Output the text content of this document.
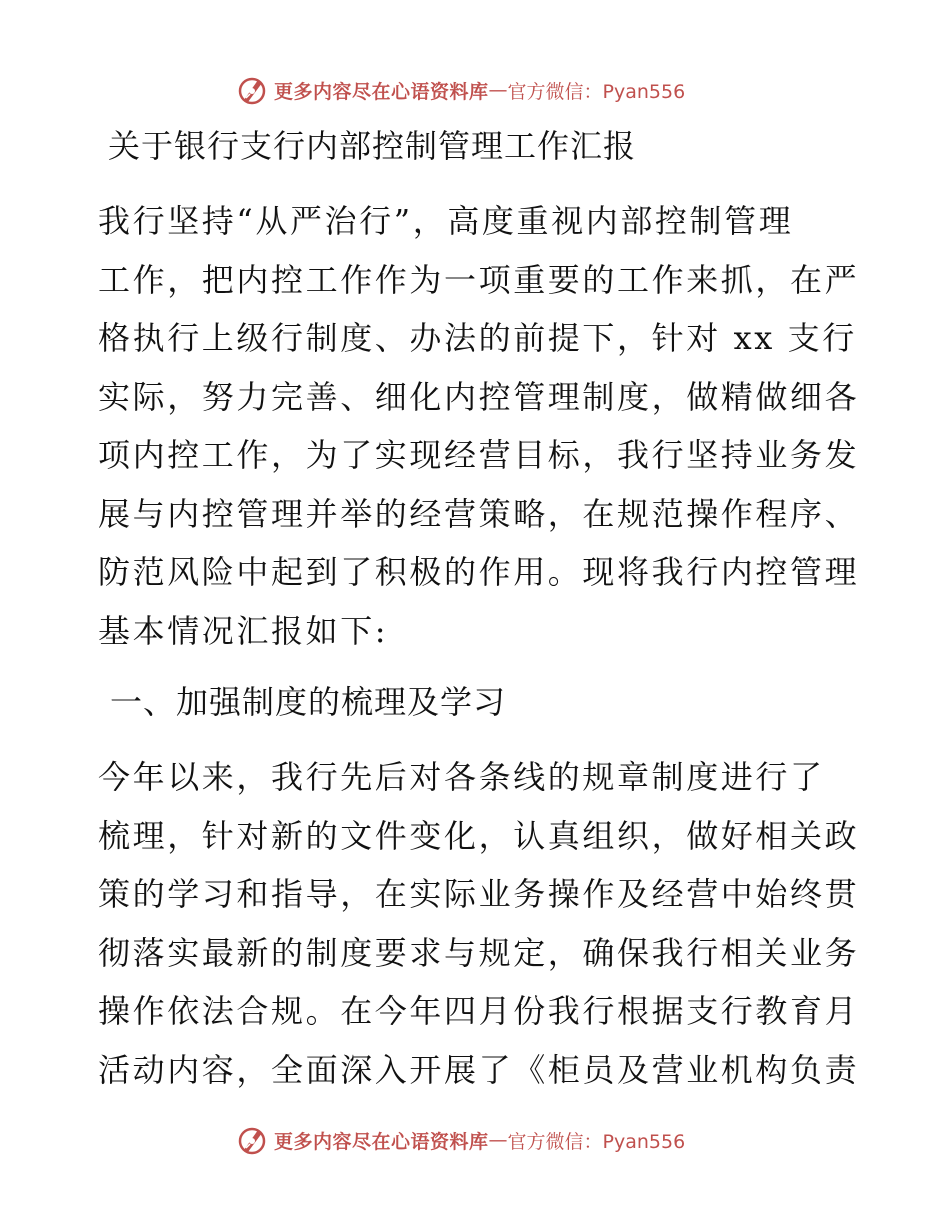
更多内容尽在心语资料库 — 官方微信：Pyan556
关于银行支行内部控制管理工作汇报
我行坚持“从严治行”，高度重视内部控制管理
工作，把内控工作作为一项重要的工作来抓，在严
格执行上级行制度、办法的前提下，针对 xx 支行
实际，努力完善、细化内控管理制度，做精做细各
项内控工作，为了实现经营目标，我行坚持业务发
展与内控管理并举的经营策略，在规范操作程序、
防范风险中起到了积极的作用。现将我行内控管理
基本情况汇报如下:
一、加强制度的梳理及学习
今年以来，我行先后对各条线的规章制度进行了
梳理，针对新的文件变化，认真组织，做好相关政
策的学习和指导，在实际业务操作及经营中始终贯
彻落实最新的制度要求与规定，确保我行相关业务
操作依法合规。在今年四月份我行根据支行教育月
活动内容，全面深入开展了《柜员及营业机构负责
更多内容尽在心语资料库 — 官方微信：Pyan556
